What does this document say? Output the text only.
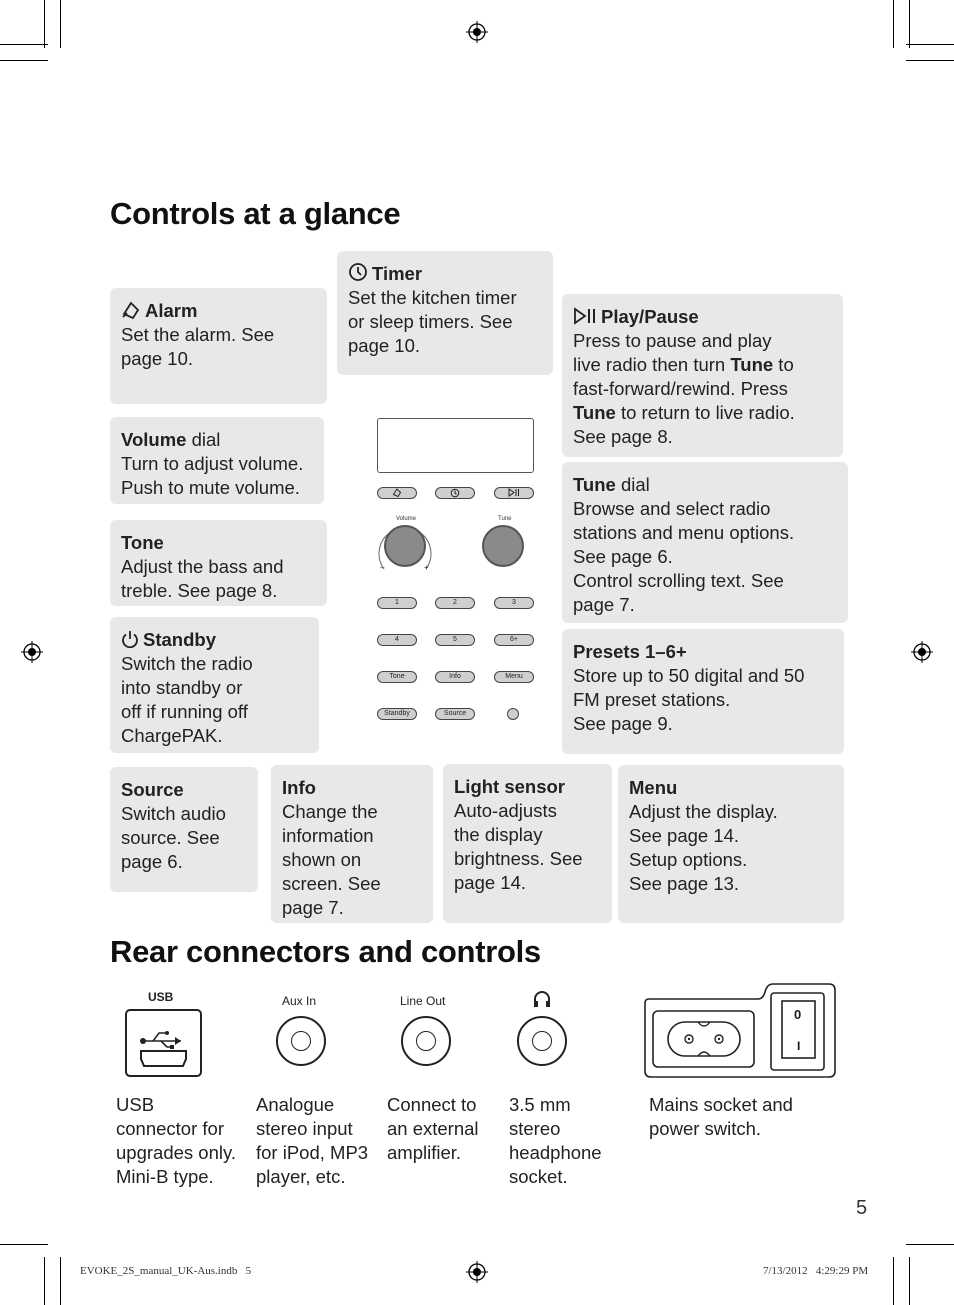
Controls at a glance
Rear connectors and controls
Alarm
Set the alarm. See
page 10.
Timer
Set the kitchen timer
or sleep timers. See
page 10.
Play/Pause
Press to pause and play
live radio then turn Tune to
fast-forward/rewind. Press
Tune to return to live radio.
See page 8.
Volume dial
Turn to adjust volume.
Push to mute volume.
Tone
Adjust the bass and
treble. See page 8.
Tune dial
Browse and select radio
stations and menu options.
See page 6.
Control scrolling text. See
page 7.
Standby
Switch the radio
into standby or
off if running off
ChargePAK.
Presets 1–6+
Store up to 50 digital and 50
FM preset stations.
See page 9.
Source
Switch audio
source. See
page 6.
Info
Change the
information
shown on
screen. See
page 7.
Light sensor
Auto-adjusts
the display
brightness. See
page 14.
Menu
Adjust the display.
See page 14.
Setup options.
See page 13.
Volume	Tune
–	+
1	2	3
4	5	6+
Tone	Info	Menu
Standby	Source
USB	Aux In	Line Out
0
I
USB
connector for
upgrades only.
Mini-B type.
Analogue
stereo input
for iPod, MP3
player, etc.
Connect to
an external
amplifier.
3.5 mm
stereo
headphone
socket.
Mains socket and
power switch.
5
EVOKE_2S_manual_UK-Aus.indb   5	7/13/2012   4:29:29 PM
